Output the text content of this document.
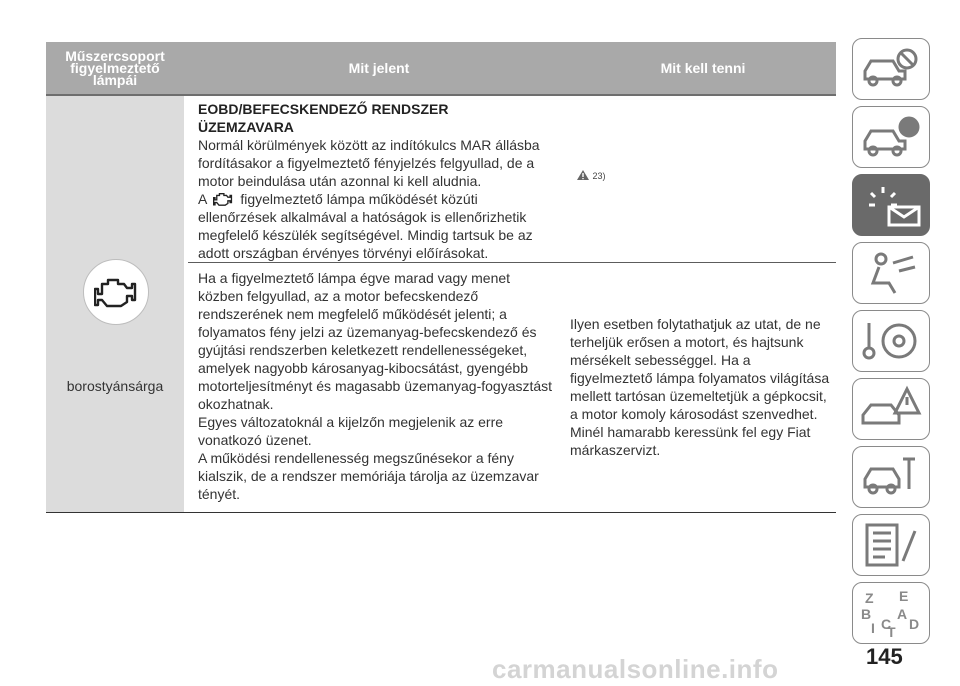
Műszercsoport
figyelmeztető
lámpái
Mit jelent	Mit kell tenni
borostyánsárga
EOBD/BEFECSKENDEZŐ RENDSZER
ÜZEMZAVARA
Normál körülmények között az indítókulcs MAR állásba
fordításakor a figyelmeztető fényjelzés felgyullad, de a
motor beindulása után azonnal ki kell aludnia.
A figyelmeztető lámpa működését közúti
ellenőrzések alkalmával a hatóságok is ellenőrizhetik
megfelelő készülék segítségével. Mindig tartsuk be az
adott országban érvényes törvényi előírásokat.
23)
Ha a figyelmeztető lámpa égve marad vagy menet
közben felgyullad, az a motor befecskendező
rendszerének nem megfelelő működését jelenti; a
folyamatos fény jelzi az üzemanyag-befecskendező és
gyújtási rendszerben keletkezett rendellenességeket,
amelyek nagyobb károsanyag-kibocsátást, gyengébb
motorteljesítményt és magasabb üzemanyag-fogyasztást
okozhatnak.
Egyes változatoknál a kijelzőn megjelenik az erre
vonatkozó üzenet.
A működési rendellenesség megszűnésekor a fény
kialszik, de a rendszer memóriája tárolja az üzemzavar
tényét.
Ilyen esetben folytathatjuk az utat, de ne
terheljük erősen a motort, és hajtsunk
mérsékelt sebességgel. Ha a
figyelmeztető lámpa folyamatos világítása
mellett tartósan üzemeltetjük a gépkocsit,
a motor komoly károsodást szenvedhet.
Minél hamarabb keressünk fel egy Fiat
márkaszervizt.
Z E
B A
I C D
T
145
carmanualsonline.info
